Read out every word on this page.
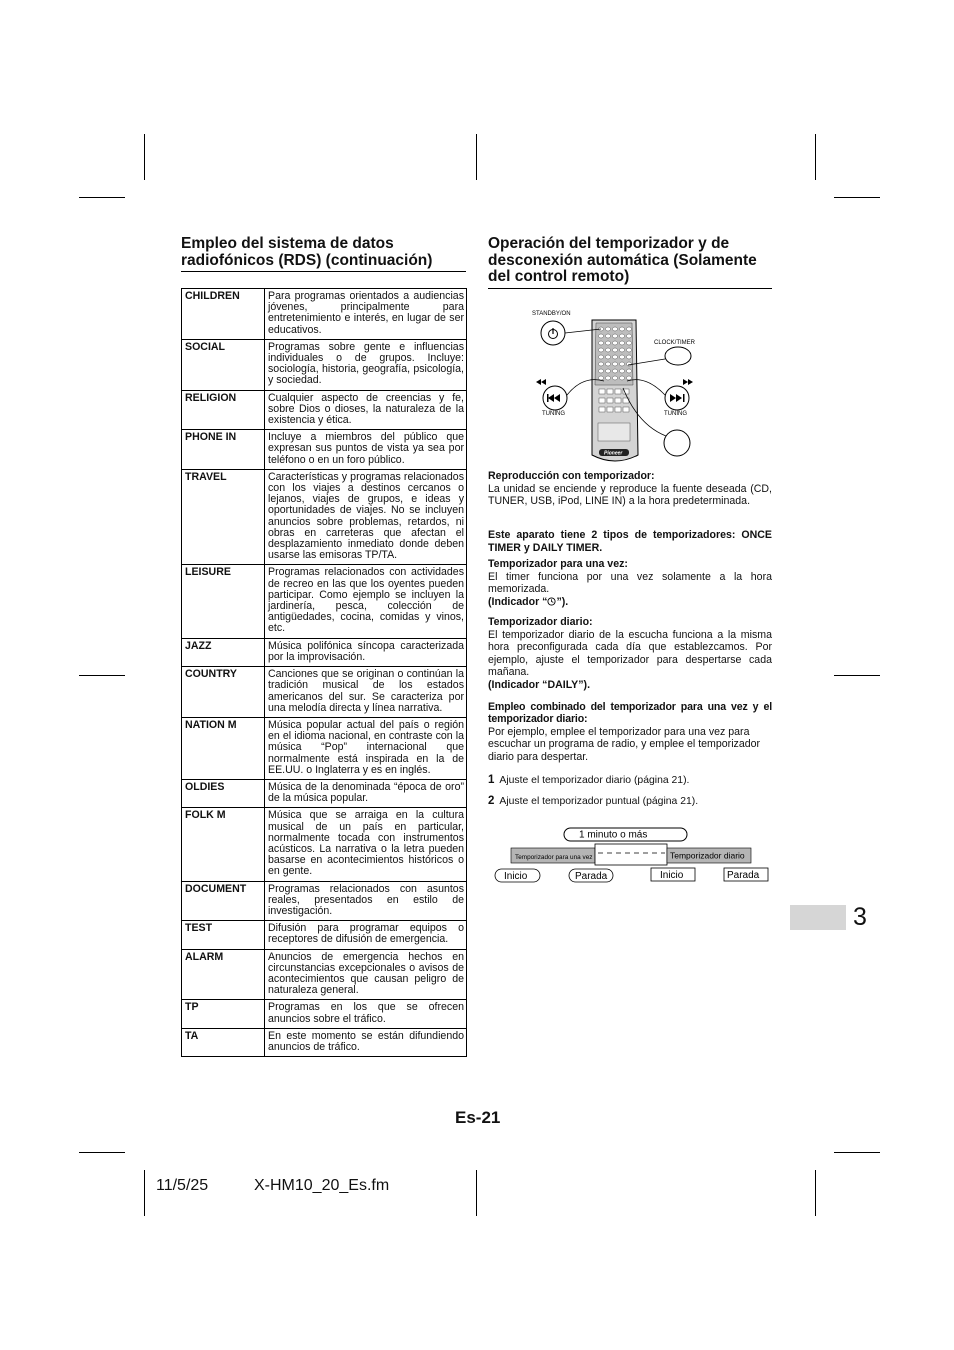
Empleo del sistema de datos
radiofónicos (RDS) (continuación)
CHILDREN	Para programas orientados a audiencias jóvenes, principalmente para entretenimiento e interés, en lugar de ser educativos.
SOCIAL	Programas sobre gente e influencias individuales o de grupos. Incluye: sociología, historia, geografía, psicología, y sociedad.
RELIGION	Cualquier aspecto de creencias y fe, sobre Dios o dioses, la naturaleza de la existencia y ética.
PHONE IN	Incluye a miembros del público que expresan sus puntos de vista ya sea por teléfono o en un foro público.
TRAVEL	Características y programas relacionados con los viajes a destinos cercanos o lejanos, viajes de grupos, e ideas y oportunidades de viajes. No se incluyen anuncios sobre problemas, retardos, ni obras en carreteras que afectan el desplazamiento inmediato donde deben usarse las emisoras TP/TA.
LEISURE	Programas relacionados con actividades de recreo en las que los oyentes pueden participar. Como ejemplo se incluyen la jardinería, pesca, colección de antigüedades, cocina, comidas y vinos, etc.
JAZZ	Música polifónica síncopa caracterizada por la improvisación.
COUNTRY	Canciones que se originan o continúan la tradición musical de los estados americanos del sur. Se caracteriza por una melodía directa y línea narrativa.
NATION M	Música popular actual del país o región en el idioma nacional, en contraste con la música “Pop” internacional que normalmente está inspirada en la de EE.UU. o Inglaterra y es en inglés.
OLDIES	Música de la denominada “época de oro” de la música popular.
FOLK M	Música que se arraiga en la cultura musical de un país en particular, normalmente tocada con instrumentos acústicos. La narrativa o la letra pueden basarse en acontecimientos históricos o en gente.
DOCUMENT	Programas relacionados con asuntos reales, presentados en estilo de investigación.
TEST	Difusión para programar equipos o receptores de difusión de emergencia.
ALARM	Anuncios de emergencia hechos en circunstancias excepcionales o avisos de acontecimientos que causan peligro de naturaleza general.
TP	Programas en los que se ofrecen anuncios sobre el tráfico.
TA	En este momento se están difundiendo anuncios de tráfico.
Operación del temporizador y de
desconexión automática (Solamente
del control remoto)
STANDBY/ON
CLOCK/TIMER
TUNING	TUNING
Pioneer
Reproducción con temporizador:
La unidad se enciende y reproduce la fuente deseada (CD, TUNER, USB, iPod, LINE IN) a la hora predeterminada.
Este aparato tiene 2 tipos de temporizadores: ONCE TIMER y DAILY TIMER.
Temporizador para una vez:
El timer funciona por una vez solamente a la hora memorizada.
(Indicador “ ”).
Temporizador diario:
El temporizador diario de la escucha funciona a la misma hora preconfigurada cada día que establezcamos. Por ejemplo, ajuste el temporizador para despertarse cada mañana.
(Indicador “DAILY”).
Empleo combinado del temporizador para una vez y el temporizador diario:

Por ejemplo, emplee el temporizador para una vez para escuchar un programa de radio, y emplee el temporizador diario para despertar.
1 Ajuste el temporizador diario (página 21).
2 Ajuste el temporizador puntual (página 21).
1 minuto o más
Temporizador para una vez	Temporizador diario
Inicio	Parada	Inicio	Parada
3
Es-21
11/5/25	X-HM10_20_Es.fm
